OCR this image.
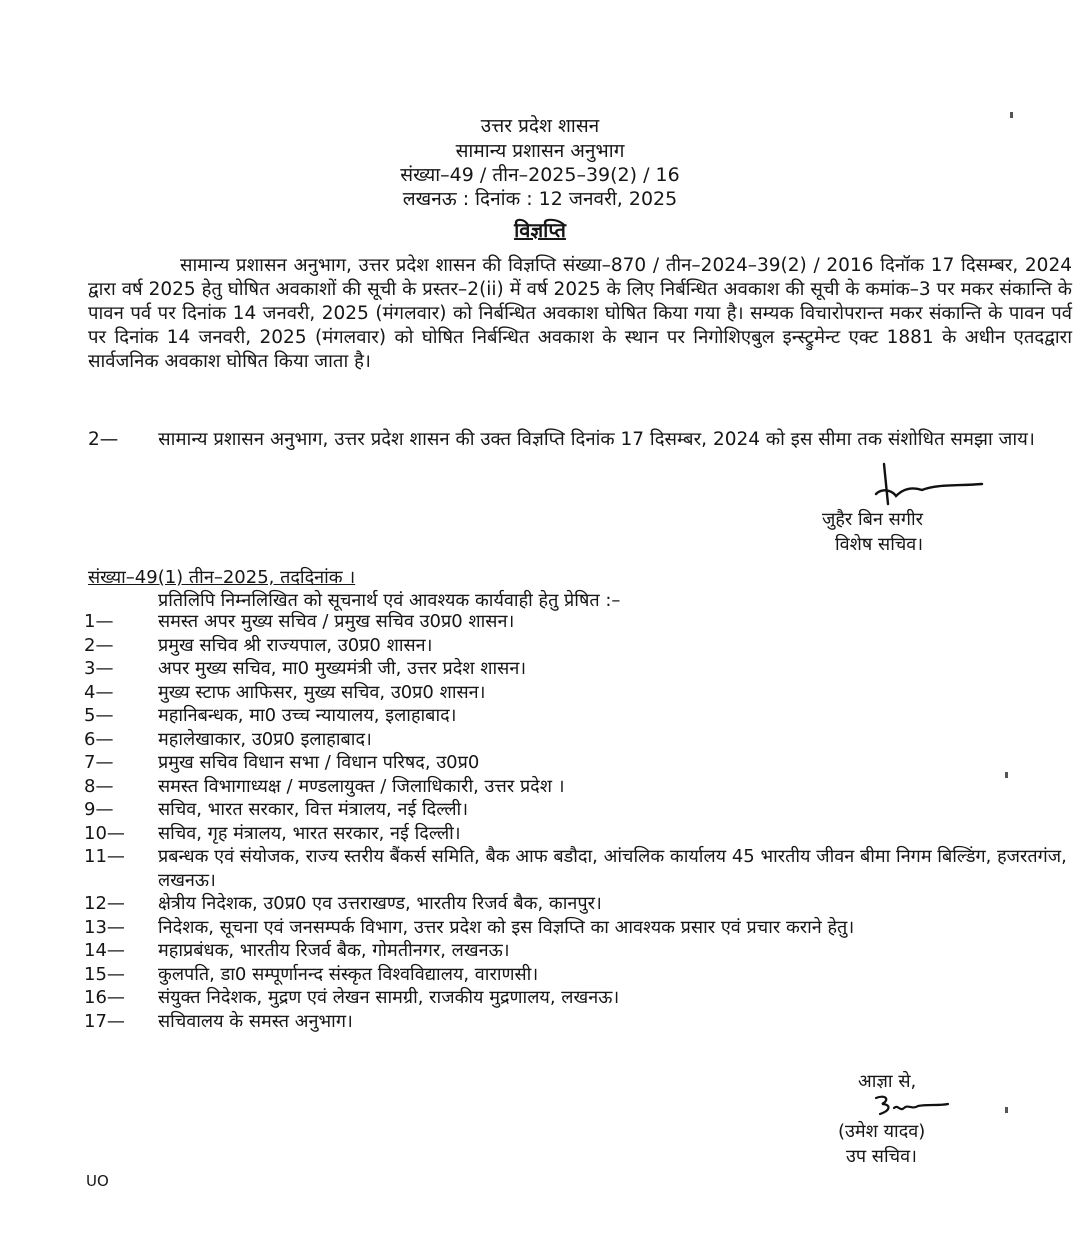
उत्तर प्रदेश शासन
सामान्य प्रशासन अनुभाग
संख्या–49 / तीन–2025–39(2) / 16
लखनऊ : दिनांक : 12 जनवरी, 2025
विज्ञप्ति
सामान्य प्रशासन अनुभाग, उत्तर प्रदेश शासन की विज्ञप्ति संख्या–870 / तीन–2024–39(2) / 2016 दिनॉक 17 दिसम्बर, 2024 द्वारा वर्ष 2025 हेतु घोषित अवकाशों की सूची के प्रस्तर–2(ii) में वर्ष 2025 के लिए निर्बन्धित अवकाश की सूची के कमांक–3 पर मकर संकान्ति के पावन पर्व पर दिनांक 14 जनवरी, 2025 (मंगलवार) को निर्बन्धित अवकाश घोषित किया गया है। सम्यक विचारोपरान्त मकर संकान्ति के पावन पर्व पर दिनांक 14 जनवरी, 2025 (मंगलवार) को घोषित निर्बन्धित अवकाश के स्थान पर निगोशिएबुल इन्स्ट्रुमेन्ट एक्ट 1881 के अधीन एतदद्वारा सार्वजनिक अवकाश घोषित किया जाता है।
2— सामान्य प्रशासन अनुभाग, उत्तर प्रदेश शासन की उक्त विज्ञप्ति दिनांक 17 दिसम्बर, 2024 को इस सीमा तक संशोधित समझा जाय।
जुहैर बिन सगीर
विशेष सचिव।
संख्या–49(1) तीन–2025, तददिनांक ।
प्रतिलिपि निम्नलिखित को सूचनार्थ एवं आवश्यक कार्यवाही हेतु प्रेषित :–
1—	समस्त अपर मुख्य सचिव / प्रमुख सचिव उ0प्र0 शासन।
2—	प्रमुख सचिव श्री राज्यपाल, उ0प्र0 शासन।
3—	अपर मुख्य सचिव, मा0 मुख्यमंत्री जी, उत्तर प्रदेश शासन।
4—	मुख्य स्टाफ आफिसर, मुख्य सचिव, उ0प्र0 शासन।
5—	महानिबन्धक, मा0 उच्च न्यायालय, इलाहाबाद।
6—	महालेखाकार, उ0प्र0 इलाहाबाद।
7—	प्रमुख सचिव विधान सभा / विधान परिषद, उ0प्र0
8—	समस्त विभागाध्यक्ष / मण्डलायुक्त / जिलाधिकारी, उत्तर प्रदेश ।
9—	सचिव, भारत सरकार, वित्त मंत्रालय, नई दिल्ली।
10—	सचिव, गृह मंत्रालय, भारत सरकार, नई दिल्ली।
11—	प्रबन्धक एवं संयोजक, राज्य स्तरीय बैंकर्स समिति, बैक आफ बडौदा, आंचलिक कार्यालय 45 भारतीय जीवन बीमा निगम बिल्डिंग, हजरतगंज, लखनऊ।
12—	क्षेत्रीय निदेशक, उ0प्र0 एव उत्तराखण्ड, भारतीय रिजर्व बैक, कानपुर।
13—	निदेशक, सूचना एवं जनसम्पर्क विभाग, उत्तर प्रदेश को इस विज्ञप्ति का आवश्यक प्रसार एवं प्रचार कराने हेतु।
14—	महाप्रबंधक, भारतीय रिजर्व बैक, गोमतीनगर, लखनऊ।
15—	कुलपति, डा0 सम्पूर्णानन्द संस्कृत विश्वविद्यालय, वाराणसी।
16—	संयुक्त निदेशक, मुद्रण एवं लेखन सामग्री, राजकीय मुद्रणालय, लखनऊ।
17—	सचिवालय के समस्त अनुभाग।
आज्ञा से,
(उमेश यादव)
उप सचिव।
UO
